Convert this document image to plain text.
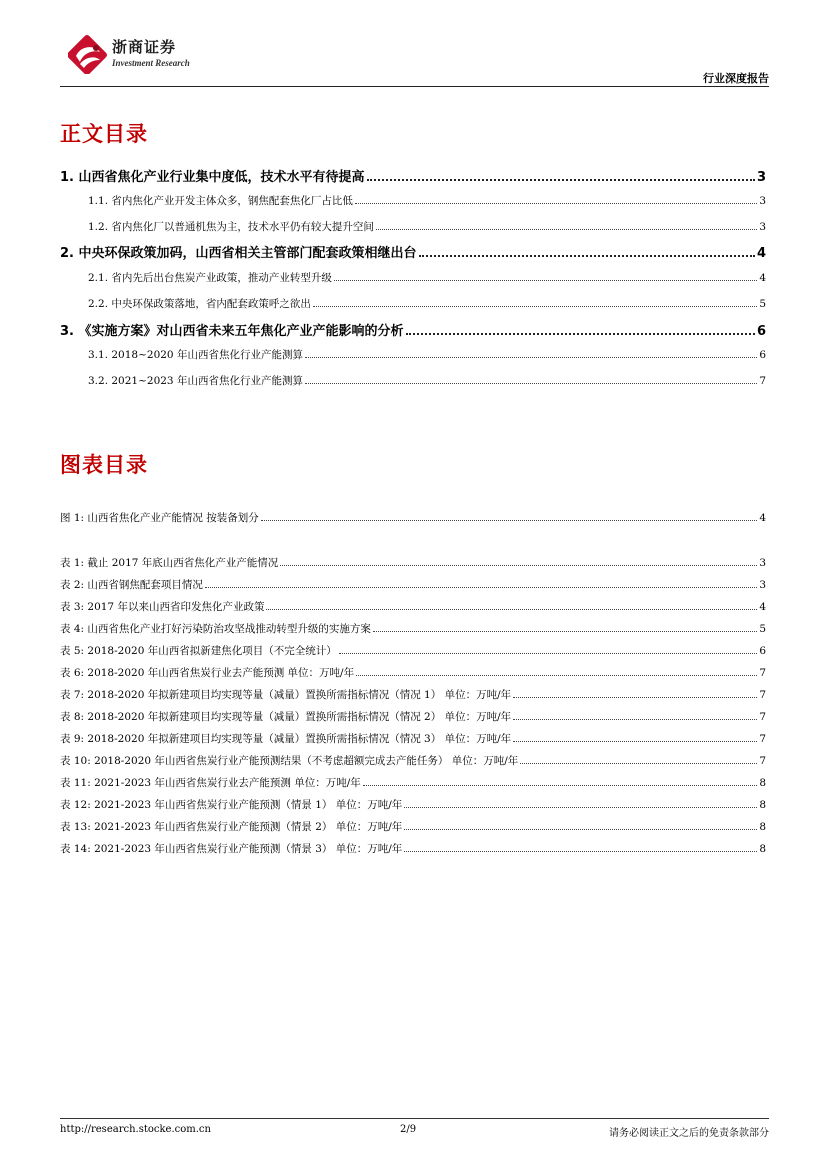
浙商证券
Investment Research
行业深度报告
正文目录
1. 山西省焦化产业行业集中度低，技术水平有待提高	3
1.1. 省内焦化产业开发主体众多，钢焦配套焦化厂占比低	3
1.2. 省内焦化厂以普通机焦为主，技术水平仍有较大提升空间	3
2. 中央环保政策加码，山西省相关主管部门配套政策相继出台	4
2.1. 省内先后出台焦炭产业政策，推动产业转型升级	4
2.2. 中央环保政策落地，省内配套政策呼之欲出	5
3. 《实施方案》对山西省未来五年焦化产业产能影响的分析	6
3.1. 2018~2020 年山西省焦化行业产能测算	6
3.2. 2021~2023 年山西省焦化行业产能测算	7
图表目录
图 1: 山西省焦化产业产能情况 按装备划分	4
表 1: 截止 2017 年底山西省焦化产业产能情况	3
表 2: 山西省钢焦配套项目情况	3
表 3: 2017 年以来山西省印发焦化产业政策	4
表 4: 山西省焦化产业打好污染防治攻坚战推动转型升级的实施方案	5
表 5: 2018-2020 年山西省拟新建焦化项目（不完全统计）	6
表 6: 2018-2020 年山西省焦炭行业去产能预测 单位：万吨/年	7
表 7: 2018-2020 年拟新建项目均实现等量（减量）置换所需指标情况（情况 1） 单位：万吨/年	7
表 8: 2018-2020 年拟新建项目均实现等量（减量）置换所需指标情况（情况 2） 单位：万吨/年	7
表 9: 2018-2020 年拟新建项目均实现等量（减量）置换所需指标情况（情况 3） 单位：万吨/年	7
表 10: 2018-2020 年山西省焦炭行业产能预测结果（不考虑超额完成去产能任务） 单位：万吨/年	7
表 11: 2021-2023 年山西省焦炭行业去产能预测 单位：万吨/年	8
表 12: 2021-2023 年山西省焦炭行业产能预测（情景 1） 单位：万吨/年	8
表 13: 2021-2023 年山西省焦炭行业产能预测（情景 2） 单位：万吨/年	8
表 14: 2021-2023 年山西省焦炭行业产能预测（情景 3） 单位：万吨/年	8
http://research.stocke.com.cn	2/9	请务必阅读正文之后的免责条款部分
